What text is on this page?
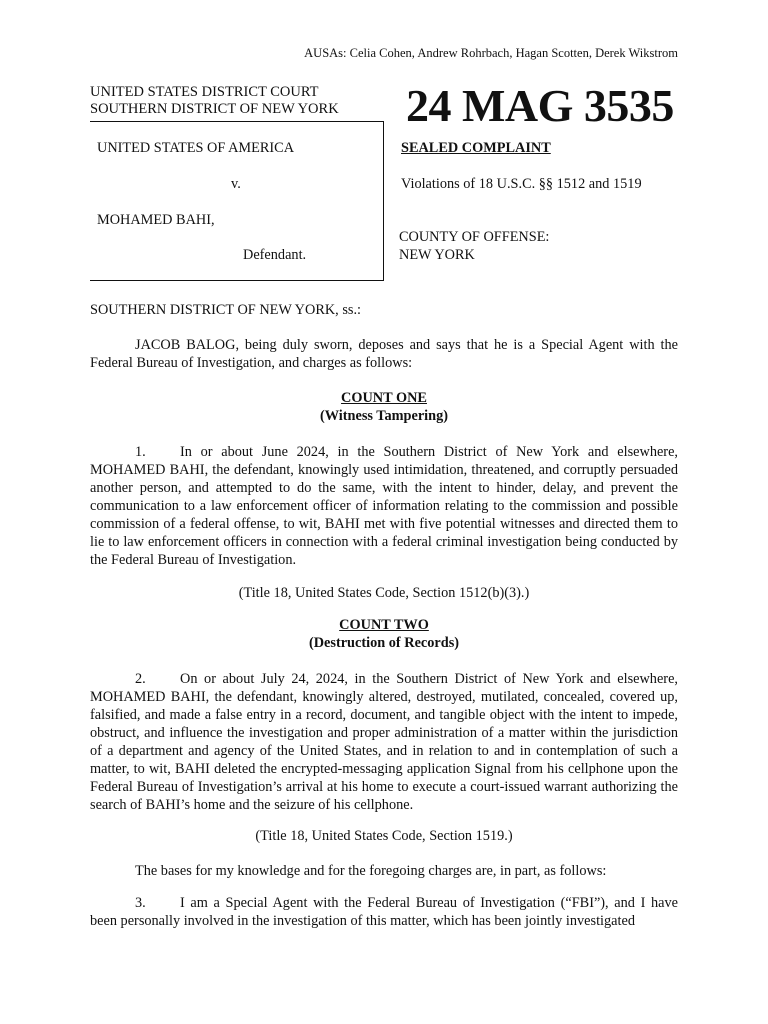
AUSAs: Celia Cohen, Andrew Rohrbach, Hagan Scotten, Derek Wikstrom
UNITED STATES DISTRICT COURT
SOUTHERN DISTRICT OF NEW YORK 24 MAG 3535
UNITED STATES OF AMERICA
v.
MOHAMED BAHI,
Defendant.
SEALED COMPLAINT
Violations of 18 U.S.C. §§ 1512 and 1519
COUNTY OF OFFENSE:
NEW YORK
SOUTHERN DISTRICT OF NEW YORK, ss.:
JACOB BALOG, being duly sworn, deposes and says that he is a Special Agent with the Federal Bureau of Investigation, and charges as follows:
COUNT ONE
(Witness Tampering)
1. In or about June 2024, in the Southern District of New York and elsewhere, MOHAMED BAHI, the defendant, knowingly used intimidation, threatened, and corruptly persuaded another person, and attempted to do the same, with the intent to hinder, delay, and prevent the communication to a law enforcement officer of information relating to the commission and possible commission of a federal offense, to wit, BAHI met with five potential witnesses and directed them to lie to law enforcement officers in connection with a federal criminal investigation being conducted by the Federal Bureau of Investigation.
(Title 18, United States Code, Section 1512(b)(3).)
COUNT TWO
(Destruction of Records)
2. On or about July 24, 2024, in the Southern District of New York and elsewhere, MOHAMED BAHI, the defendant, knowingly altered, destroyed, mutilated, concealed, covered up, falsified, and made a false entry in a record, document, and tangible object with the intent to impede, obstruct, and influence the investigation and proper administration of a matter within the jurisdiction of a department and agency of the United States, and in relation to and in contemplation of such a matter, to wit, BAHI deleted the encrypted-messaging application Signal from his cellphone upon the Federal Bureau of Investigation’s arrival at his home to execute a court-issued warrant authorizing the search of BAHI’s home and the seizure of his cellphone.
(Title 18, United States Code, Section 1519.)
The bases for my knowledge and for the foregoing charges are, in part, as follows:
3. I am a Special Agent with the Federal Bureau of Investigation (“FBI”), and I have been personally involved in the investigation of this matter, which has been jointly investigated
